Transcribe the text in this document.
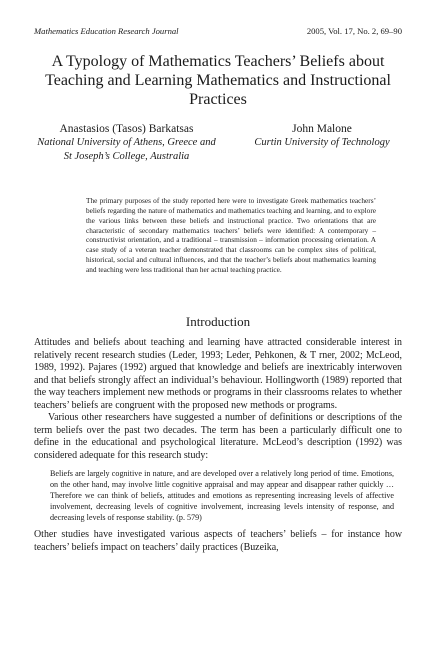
Mathematics Education Research Journal	2005, Vol. 17, No. 2, 69–90
A Typology of Mathematics Teachers’ Beliefs about Teaching and Learning Mathematics and Instructional Practices
Anastasios (Tasos) Barkatsas
National University of Athens, Greece and St Joseph’s College, Australia
John Malone
Curtin University of Technology
The primary purposes of the study reported here were to investigate Greek mathematics teachers’ beliefs regarding the nature of mathematics and mathematics teaching and learning, and to explore the various links between these beliefs and instructional practice. Two orientations that are characteristic of secondary mathematics teachers’ beliefs were identified: A contemporary – constructivist orientation, and a traditional – transmission – information processing orientation. A case study of a veteran teacher demonstrated that classrooms can be complex sites of political, historical, social and cultural influences, and that the teacher’s beliefs about mathematics learning and teaching were less traditional than her actual teaching practice.
Introduction

Attitudes and beliefs about teaching and learning have attracted considerable interest in relatively recent research studies (Leder, 1993; Leder, Pehkonen, & T rner, 2002; McLeod, 1989, 1992). Pajares (1992) argued that knowledge and beliefs are inextricably interwoven and that beliefs strongly affect an individual’s behaviour. Hollingworth (1989) reported that the way teachers implement new methods or programs in their classrooms relates to whether teachers’ beliefs are congruent with the proposed new methods or programs.

Various other researchers have suggested a number of definitions or descriptions of the term beliefs over the past two decades. The term has been a particularly difficult one to define in the educational and psychological literature. McLeod’s description (1992) was considered adequate for this research study:

Beliefs are largely cognitive in nature, and are developed over a relatively long period of time. Emotions, on the other hand, may involve little cognitive appraisal and may appear and disappear rather quickly … Therefore we can think of beliefs, attitudes and emotions as representing increasing levels of affective involvement, decreasing levels of cognitive involvement, increasing levels intensity of response, and decreasing levels of response stability. (p. 579)

Other studies have investigated various aspects of teachers’ beliefs – for instance how teachers’ beliefs impact on teachers’ daily practices (Buzeika,
